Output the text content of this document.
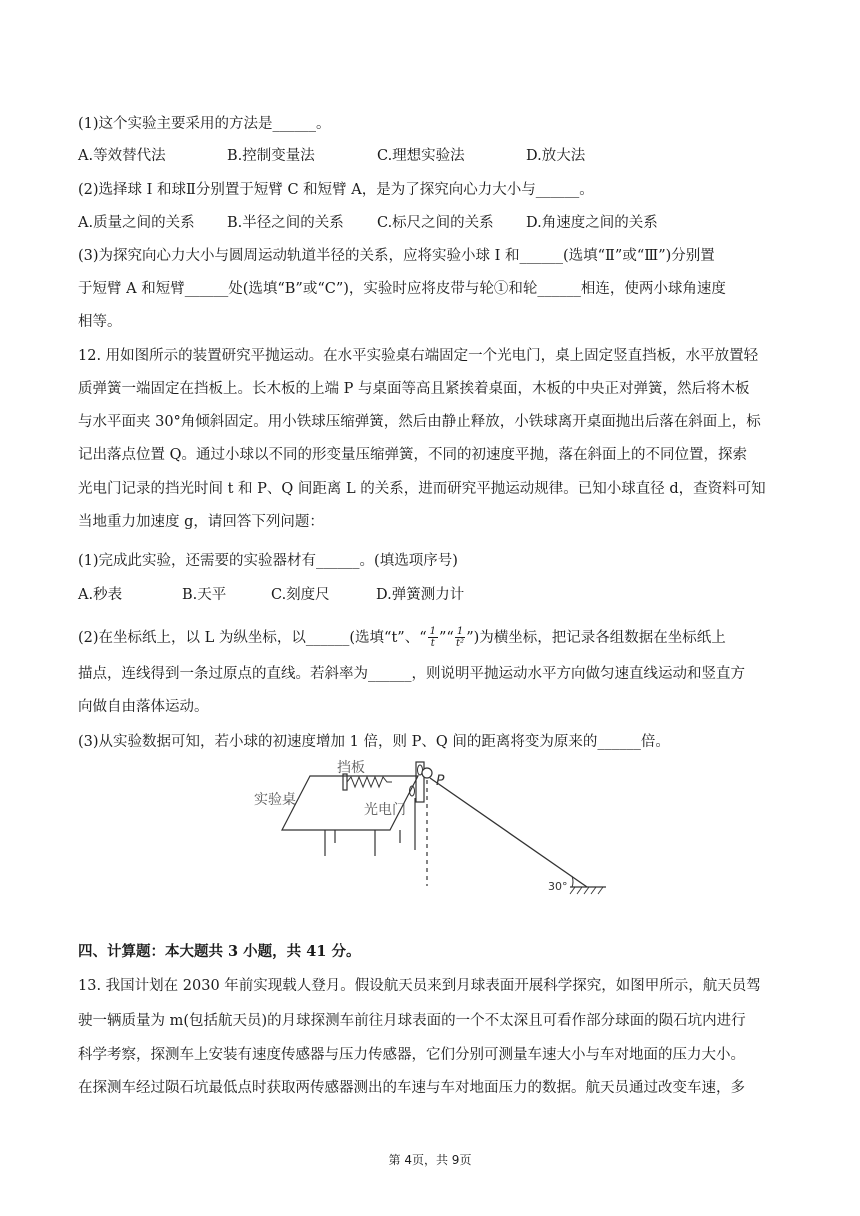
(1)这个实验主要采用的方法是______。
A.等效替代法	B.控制变量法	C.理想实验法	D.放大法
(2)选择球 I 和球Ⅱ分别置于短臂 C 和短臂 A，是为了探究向心力大小与______。
A.质量之间的关系 B.半径之间的关系 C.标尺之间的关系 D.角速度之间的关系
(3)为探究向心力大小与圆周运动轨道半径的关系，应将实验小球 I 和______(选填“Ⅱ”或“Ⅲ”)分别置
于短臂 A 和短臂______处(选填“B”或“C”)，实验时应将皮带与轮①和轮______相连，使两小球角速度
相等。
12. 用如图所示的装置研究平抛运动。在水平实验桌右端固定一个光电门，桌上固定竖直挡板，水平放置轻
质弹簧一端固定在挡板上。长木板的上端 P 与桌面等高且紧挨着桌面，木板的中央正对弹簧，然后将木板
与水平面夹 30°角倾斜固定。用小铁球压缩弹簧，然后由静止释放，小铁球离开桌面抛出后落在斜面上，标
记出落点位置 Q。通过小球以不同的形变量压缩弹簧，不同的初速度平抛，落在斜面上的不同位置，探索
光电门记录的挡光时间 t 和 P、Q 间距离 L 的关系，进而研究平抛运动规律。已知小球直径 d，查资料可知
当地重力加速度 g，请回答下列问题：
(1)完成此实验，还需要的实验器材有______。(填选项序号)
A.秒表	B.天平	C.刻度尺	D.弹簧测力计
(2)在坐标纸上，以 L 为纵坐标，以______(选填“t”、“ $\frac{1}{t}$ ”“ $\frac{1}{\text{t²}}$ ”)为横坐标，把记录各组数据在坐标纸上
描点，连线得到一条过原点的直线。若斜率为______，则说明平抛运动水平方向做匀速直线运动和竖直方
向做自由落体运动。
(3)从实验数据可知，若小球的初速度增加 1 倍，则 P、Q 间的距离将变为原来的______倍。
实验桌
挡板
光电门
P
30°
四、计算题：本大题共 3 小题，共 41 分。
13. 我国计划在 2030 年前实现载人登月。假设航天员来到月球表面开展科学探究，如图甲所示，航天员驾
驶一辆质量为 m(包括航天员)的月球探测车前往月球表面的一个不太深且可看作部分球面的陨石坑内进行
科学考察，探测车上安装有速度传感器与压力传感器，它们分别可测量车速大小与车对地面的压力大小。
在探测车经过陨石坑最低点时获取两传感器测出的车速与车对地面压力的数据。航天员通过改变车速，多
第 4页，共 9页
